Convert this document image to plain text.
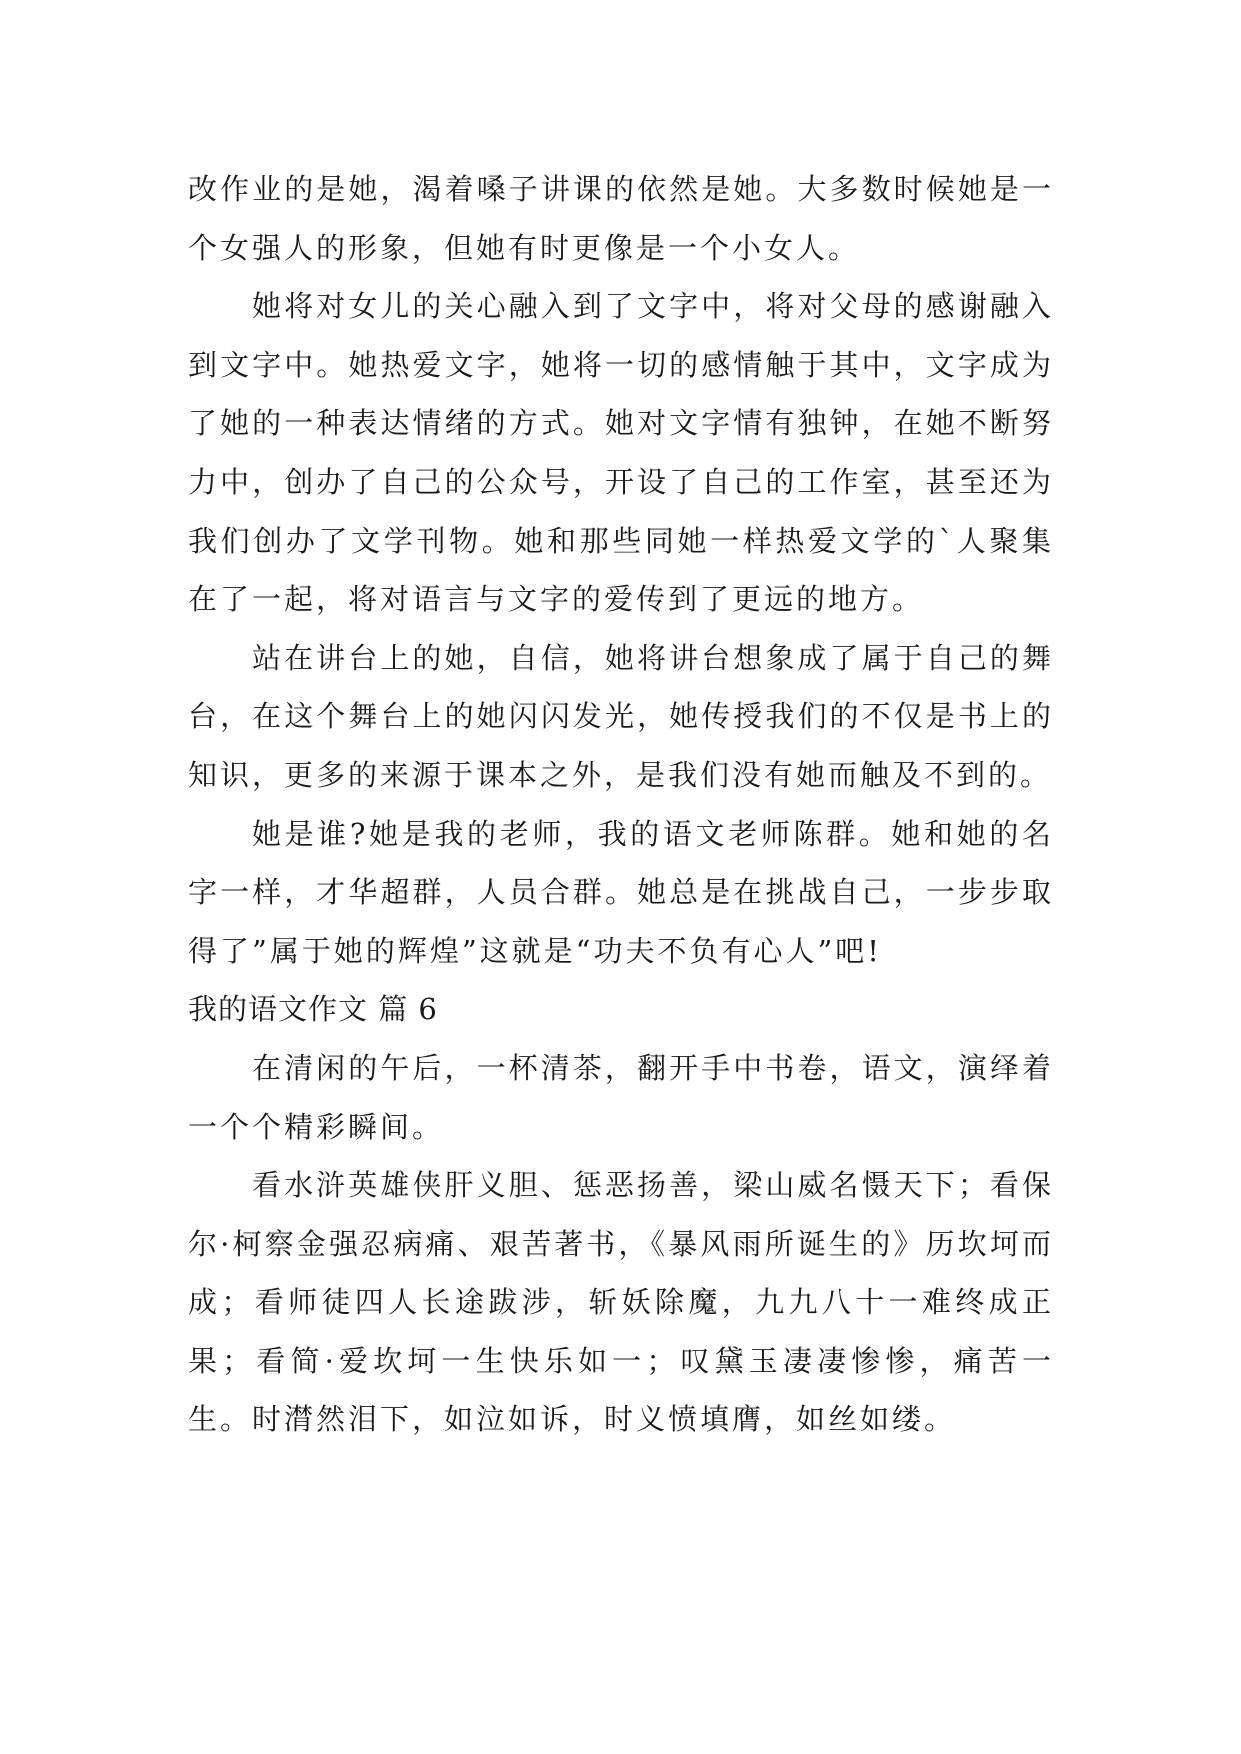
改作业的是她，渴着嗓子讲课的依然是她。大多数时候她是一个女强人的形象，但她有时更像是一个小女人。

她将对女儿的关心融入到了文字中，将对父母的感谢融入到文字中。她热爱文字，她将一切的感情触于其中，文字成为了她的一种表达情绪的方式。她对文字情有独钟，在她不断努力中，创办了自己的公众号，开设了自己的工作室，甚至还为我们创办了文学刊物。她和那些同她一样热爱文学的`人聚集在了一起，将对语言与文字的爱传到了更远的地方。

站在讲台上的她，自信，她将讲台想象成了属于自己的舞台，在这个舞台上的她闪闪发光，她传授我们的不仅是书上的知识，更多的来源于课本之外，是我们没有她而触及不到的。

她是谁?她是我的老师，我的语文老师陈群。她和她的名字一样，才华超群，人员合群。她总是在挑战自己，一步步取得了”属于她的辉煌”这就是“功夫不负有心人”吧!

我的语文作文 篇 6

在清闲的午后，一杯清茶，翻开手中书卷，语文，演绎着一个个精彩瞬间。

看水浒英雄侠肝义胆、惩恶扬善，梁山威名慑天下；看保尔·柯察金强忍病痛、艰苦著书，《暴风雨所诞生的》历坎坷而成；看师徒四人长途跋涉，斩妖除魔，九九八十一难终成正果；看简·爱坎坷一生快乐如一；叹黛玉凄凄惨惨，痛苦一生。时潸然泪下，如泣如诉，时义愤填膺，如丝如缕。
